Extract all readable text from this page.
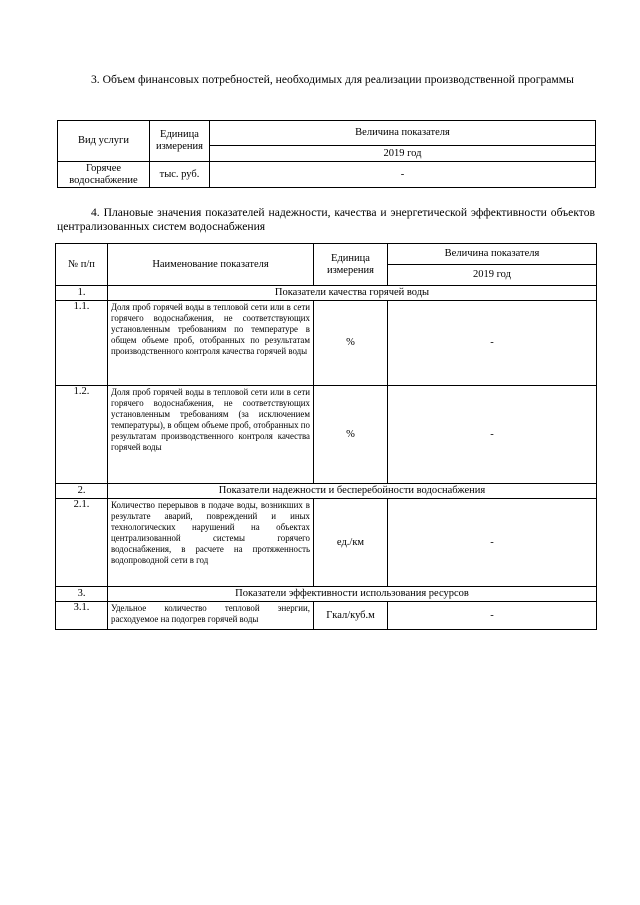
3. Объем финансовых потребностей, необходимых для реализации производственной программы
Вид услуги	Единица измерения	Величина показателя
		2019 год
Горячее водоснабжение	тыс. руб.	-
4. Плановые значения показателей надежности, качества и энергетической эффективности объектов централизованных систем водоснабжения
№ п/п	Наименование показателя	Единица измерения	Величина показателя
			2019 год
1.	Показатели качества горячей воды		
1.1.	Доля проб горячей воды в тепловой сети или в сети горячего водоснабжения, не соответствующих установленным требованиям по температуре в общем объеме проб, отобранных по результатам производственного контроля качества горячей воды	%	-
1.2.	Доля проб горячей воды в тепловой сети или в сети горячего водоснабжения, не соответствующих установленным требованиям (за исключением температуры), в общем объеме проб, отобранных по результатам производственного контроля качества горячей воды	%	-
2.	Показатели надежности и бесперебойности водоснабжения		
2.1.	Количество перерывов в подаче воды, возникших в результате аварий, повреждений и иных технологических нарушений на объектах централизованной системы горячего водоснабжения, в расчете на протяженность водопроводной сети в год	ед./км	-
3.	Показатели эффективности использования ресурсов		
3.1.	Удельное количество тепловой энергии, расходуемое на подогрев горячей воды	Гкал/куб.м	-
